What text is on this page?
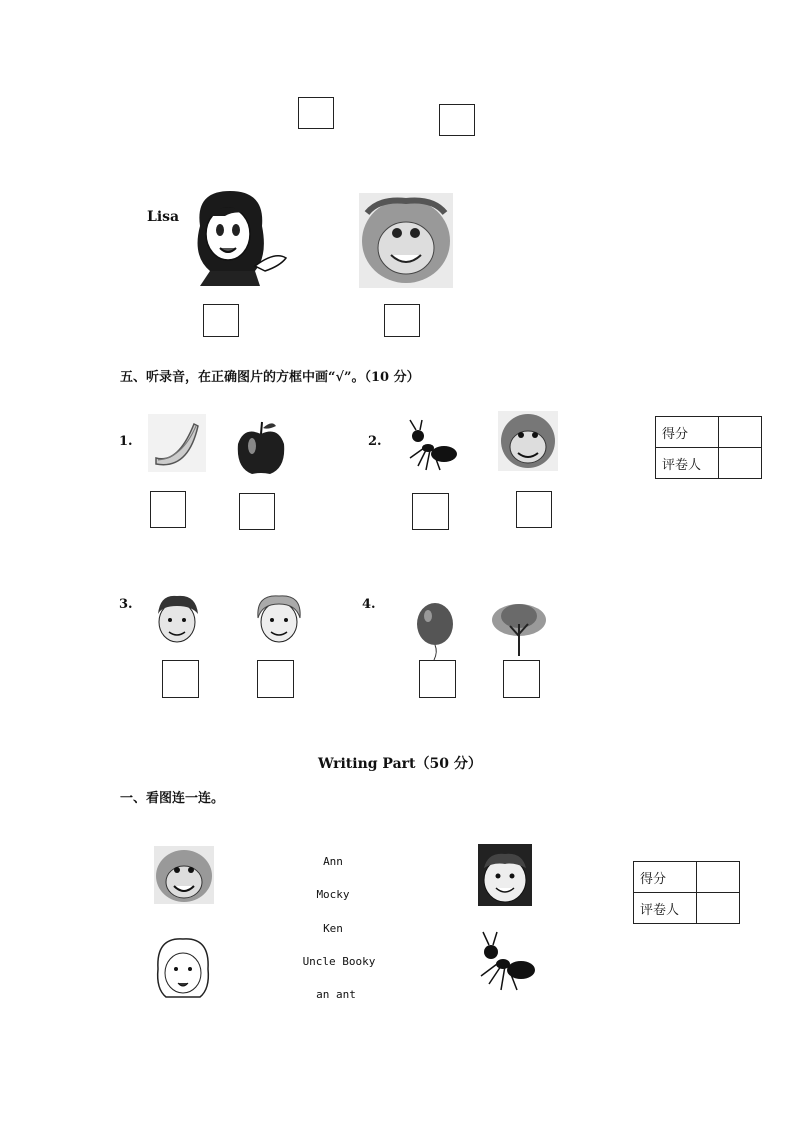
Lisa
五、听录音，在正确图片的方框中画“√”。（10 分）
得分	
评卷人	
1.	2.
3.	4.
Writing Part（50 分）
一、看图连一连。
得分	
评卷人	
Ann
Mocky
Ken
Uncle Booky
an ant
